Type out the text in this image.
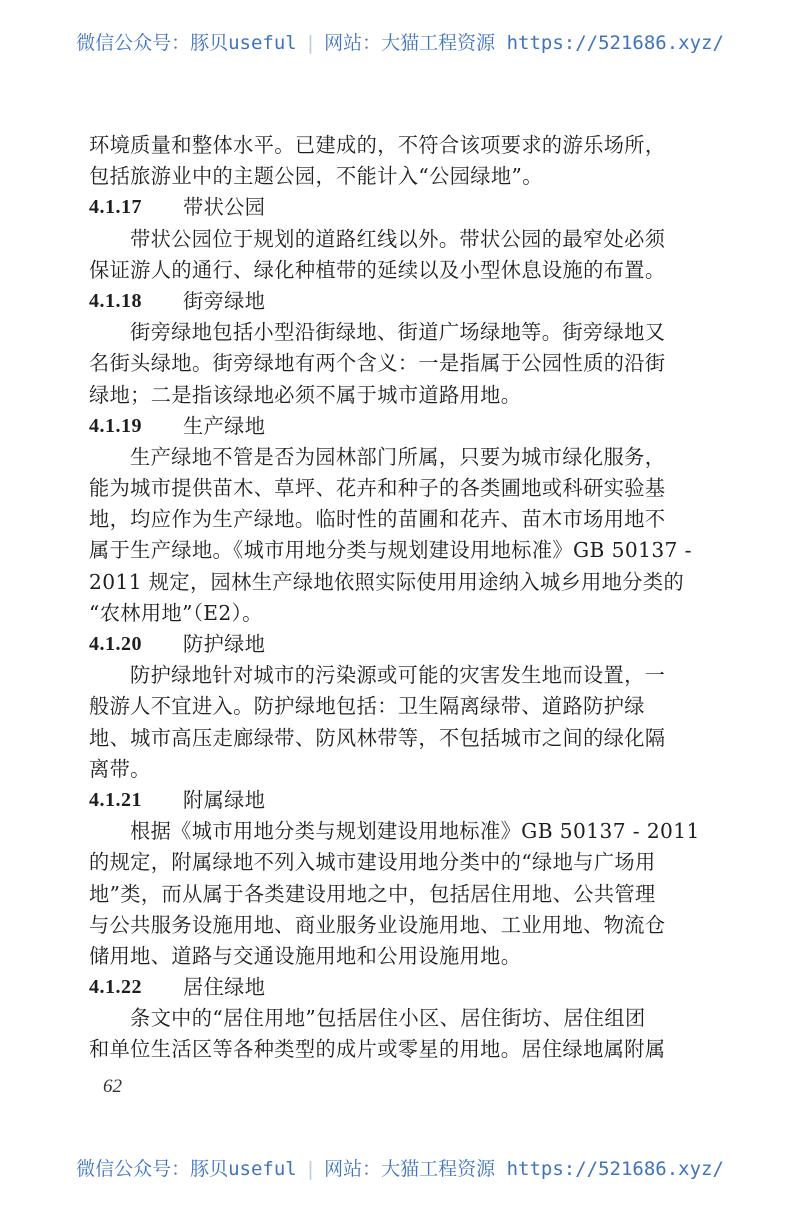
微信公众号：豚贝useful | 网站：大猫工程资源 https://521686.xyz/
环境质量和整体水平。已建成的，不符合该项要求的游乐场所，
包括旅游业中的主题公园，不能计入“公园绿地”。
4.1.17	带状公园
带状公园位于规划的道路红线以外。带状公园的最窄处必须
保证游人的通行、绿化种植带的延续以及小型休息设施的布置。
4.1.18	街旁绿地
街旁绿地包括小型沿街绿地、街道广场绿地等。街旁绿地又
名街头绿地。街旁绿地有两个含义：一是指属于公园性质的沿街
绿地；二是指该绿地必须不属于城市道路用地。
4.1.19	生产绿地
生产绿地不管是否为园林部门所属，只要为城市绿化服务，
能为城市提供苗木、草坪、花卉和种子的各类圃地或科研实验基
地，均应作为生产绿地。临时性的苗圃和花卉、苗木市场用地不
属于生产绿地。《城市用地分类与规划建设用地标准》GB 50137 -
2011 规定，园林生产绿地依照实际使用用途纳入城乡用地分类的
“农林用地”（E2）。
4.1.20	防护绿地
防护绿地针对城市的污染源或可能的灾害发生地而设置，一
般游人不宜进入。防护绿地包括：卫生隔离绿带、道路防护绿
地、城市高压走廊绿带、防风林带等，不包括城市之间的绿化隔
离带。
4.1.21	附属绿地
根据《城市用地分类与规划建设用地标准》GB 50137 - 2011
的规定，附属绿地不列入城市建设用地分类中的“绿地与广场用
地”类，而从属于各类建设用地之中，包括居住用地、公共管理
与公共服务设施用地、商业服务业设施用地、工业用地、物流仓
储用地、道路与交通设施用地和公用设施用地。
4.1.22	居住绿地
条文中的“居住用地”包括居住小区、居住街坊、居住组团
和单位生活区等各种类型的成片或零星的用地。居住绿地属附属
62
微信公众号：豚贝useful | 网站：大猫工程资源 https://521686.xyz/
